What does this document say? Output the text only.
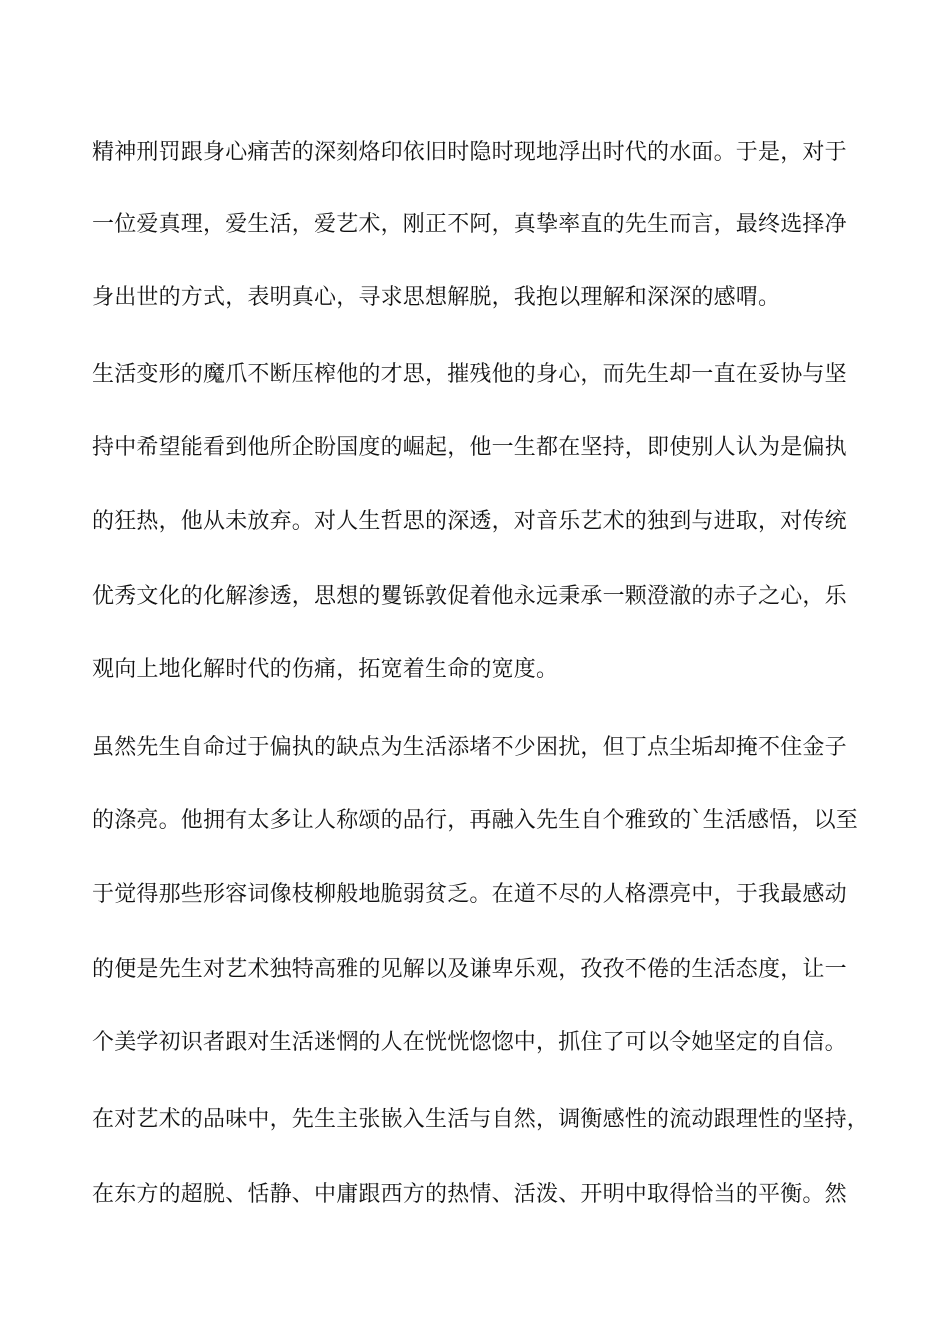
精神刑罚跟身心痛苦的深刻烙印依旧时隐时现地浮出时代的水面。于是，对于
一位爱真理，爱生活，爱艺术，刚正不阿，真挚率直的先生而言，最终选择净
身出世的方式，表明真心，寻求思想解脱，我抱以理解和深深的感喟。
生活变形的魔爪不断压榨他的才思，摧残他的身心，而先生却一直在妥协与坚
持中希望能看到他所企盼国度的崛起，他一生都在坚持，即使别人认为是偏执
的狂热，他从未放弃。对人生哲思的深透，对音乐艺术的独到与进取，对传统
优秀文化的化解渗透，思想的矍铄敦促着他永远秉承一颗澄澈的赤子之心，乐
观向上地化解时代的伤痛，拓宽着生命的宽度。
虽然先生自命过于偏执的缺点为生活添堵不少困扰，但丁点尘垢却掩不住金子
的涤亮。他拥有太多让人称颂的品行，再融入先生自个雅致的`生活感悟，以至
于觉得那些形容词像枝柳般地脆弱贫乏。在道不尽的人格漂亮中，于我最感动
的便是先生对艺术独特高雅的见解以及谦卑乐观，孜孜不倦的生活态度，让一
个美学初识者跟对生活迷惘的人在恍恍惚惚中，抓住了可以令她坚定的自信。
在对艺术的品味中，先生主张嵌入生活与自然，调衡感性的流动跟理性的坚持，
在东方的超脱、恬静、中庸跟西方的热情、活泼、开明中取得恰当的平衡。然
